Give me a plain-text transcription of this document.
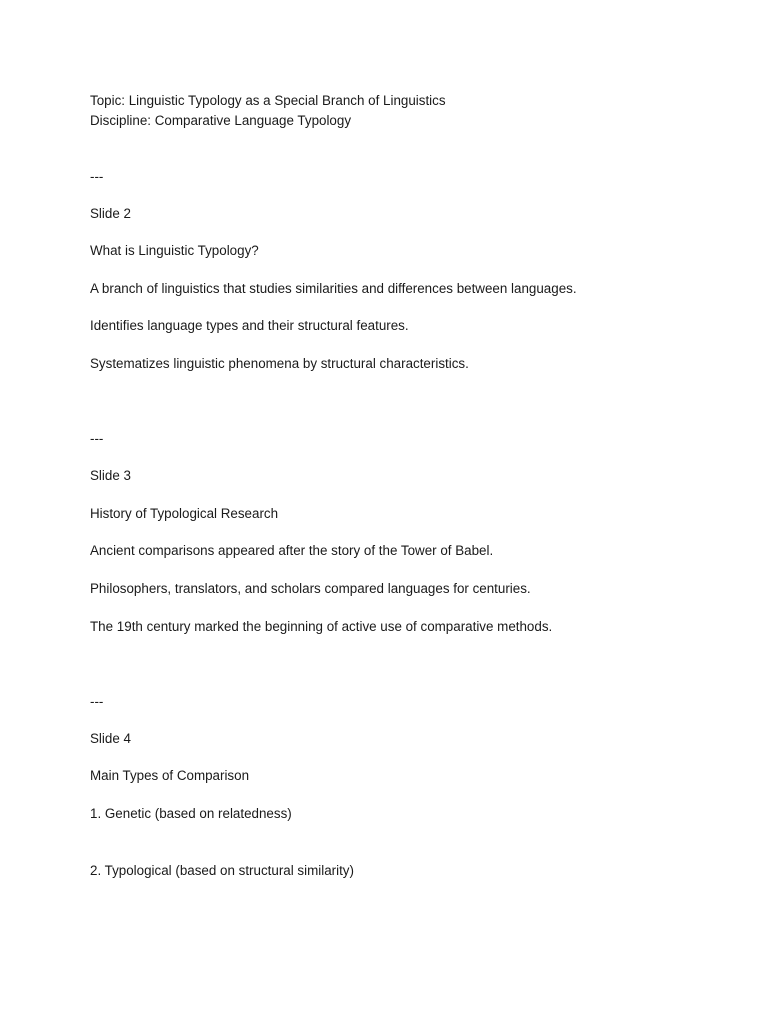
Topic: Linguistic Typology as a Special Branch of Linguistics

Discipline: Comparative Language Typology

---

Slide 2

What is Linguistic Typology?

A branch of linguistics that studies similarities and differences between languages.

Identifies language types and their structural features.

Systematizes linguistic phenomena by structural characteristics.

---

Slide 3

History of Typological Research

Ancient comparisons appeared after the story of the Tower of Babel.

Philosophers, translators, and scholars compared languages for centuries.

The 19th century marked the beginning of active use of comparative methods.

---

Slide 4

Main Types of Comparison

1. Genetic (based on relatedness)

2. Typological (based on structural similarity)
